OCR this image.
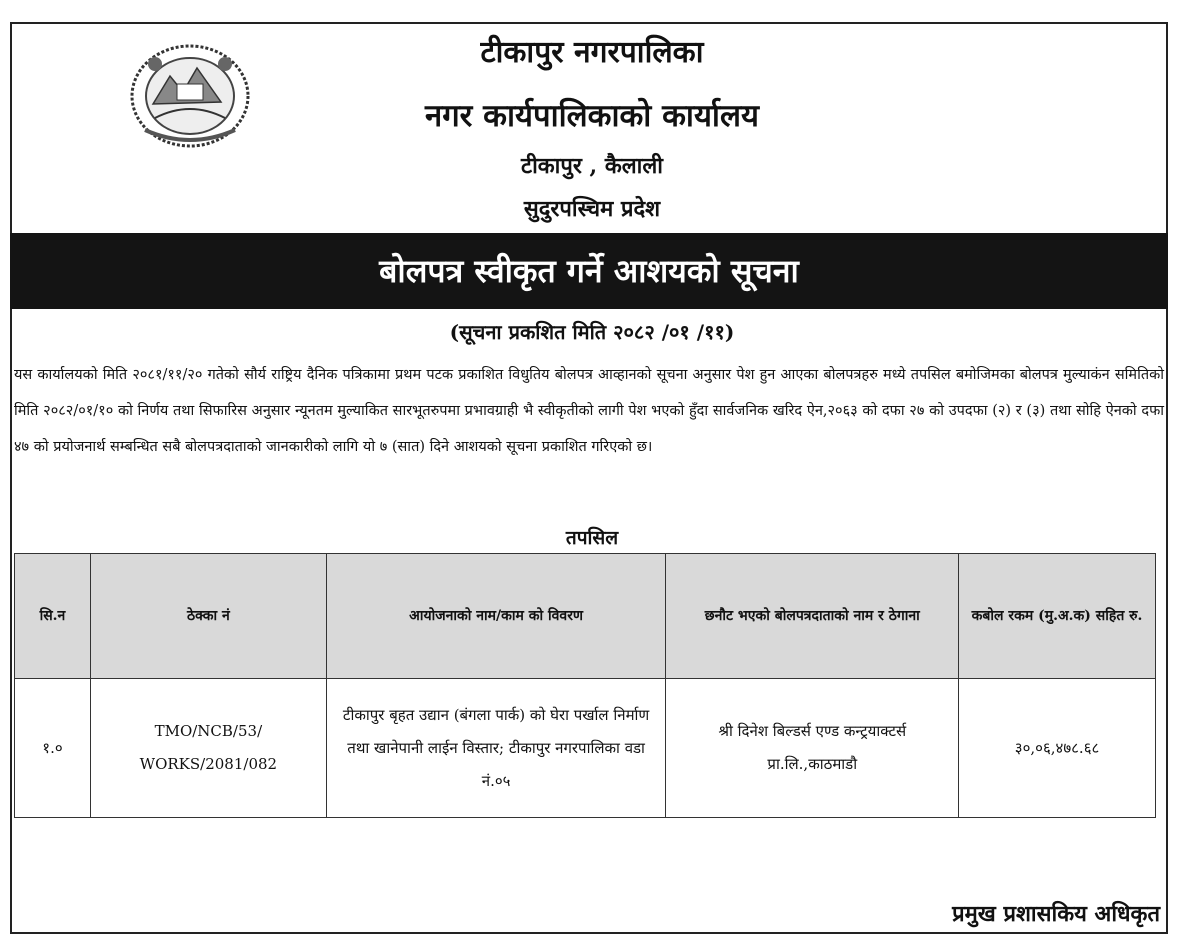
टीकापुर नगरपालिका
नगर कार्यपालिकाको कार्यालय
टीकापुर , कैलाली
सुदुरपस्चिम प्रदेश
बोलपत्र स्वीकृत गर्ने आशयको सूचना
(सूचना प्रकशित मिति २०८२ /०१ /११)
यस कार्यालयको मिति २०८१/११/२० गतेको सौर्य राष्ट्रिय दैनिक पत्रिकामा प्रथम पटक प्रकाशित विधुतिय बोलपत्र आव्हानको सूचना अनुसार पेश हुन आएका बोलपत्रहरु मध्ये तपसिल बमोजिमका बोलपत्र मुल्याकंन समितिको मिति २०८२/०१/१० को निर्णय तथा सिफारिस अनुसार न्यूनतम मुल्याकित सारभूतरुपमा प्रभावग्राही भै स्वीकृतीको लागी पेश भएको हुँदा सार्वजनिक खरिद ऐन,२०६३ को दफा २७ को उपदफा (२) र (३) तथा सोहि ऐनको दफा ४७ को प्रयोजनार्थ सम्बन्धित सबै बोलपत्रदाताको जानकारीको लागि यो ७ (सात) दिने आशयको सूचना प्रकाशित गरिएको छ।
तपसिल
सि.न	ठेक्का नं	आयोजनाको नाम/काम को विवरण	छनौट भएको बोलपत्रदाताको नाम र ठेगाना	कबोल रकम (मु.अ.क) सहित रु.
१.०	TMO/NCB/53/ WORKS/2081/082	टीकापुर बृहत उद्यान (बंगला पार्क) को घेरा पर्खाल निर्माण तथा खानेपानी लाईन विस्तार; टीकापुर नगरपालिका वडा नं.०५	श्री दिनेश बिल्डर्स एण्ड कन्ट्रयाक्टर्स प्रा.लि.,काठमाडौ	३०,०६,४७८.६८
प्रमुख प्रशासकिय अधिकृत
